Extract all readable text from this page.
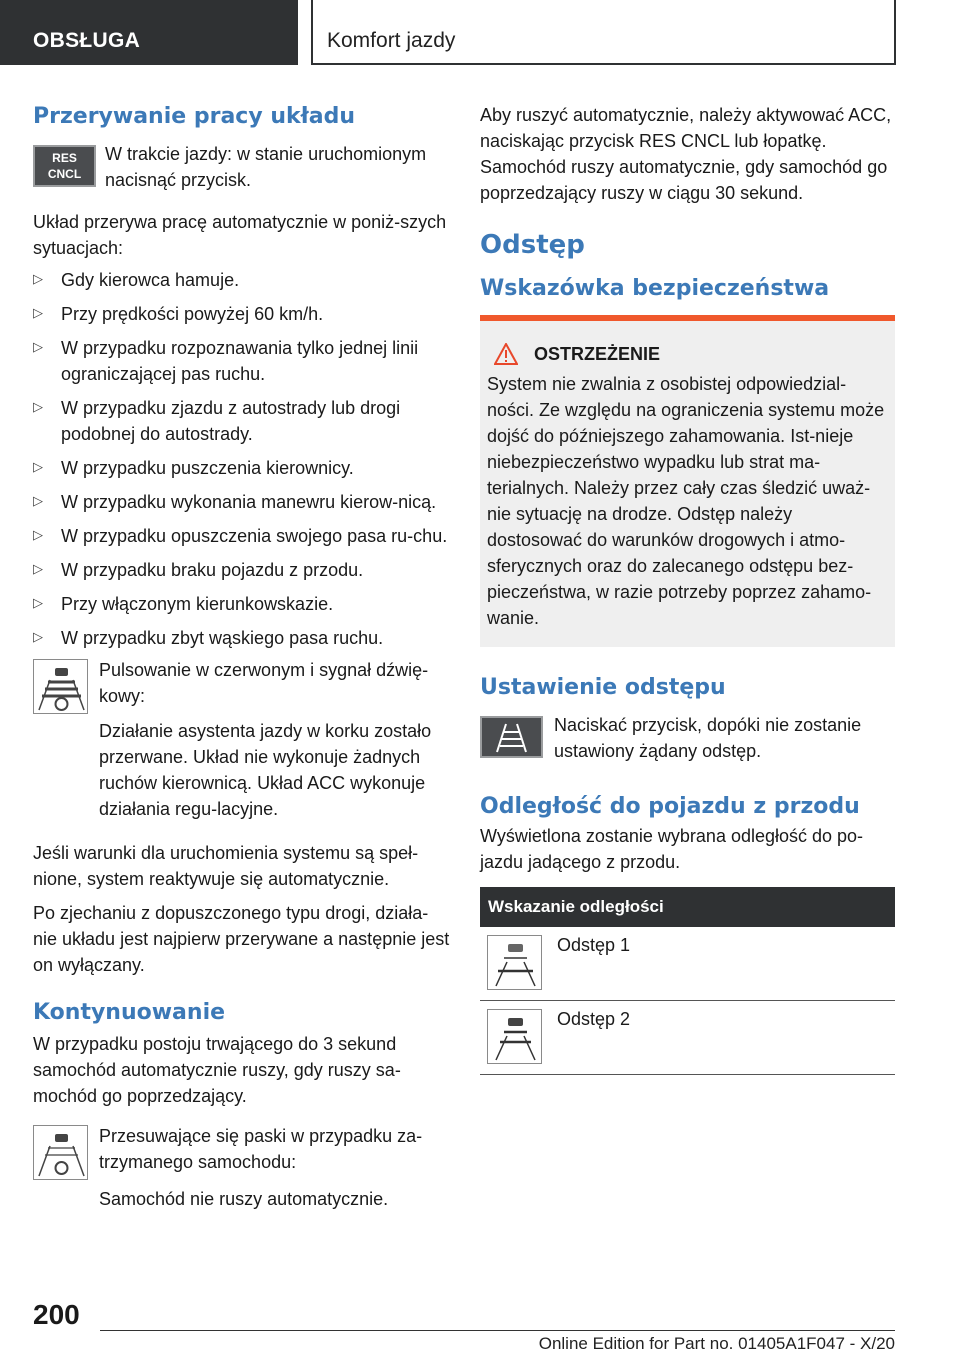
OBSŁUGA	Komfort jazdy
Przerywanie pracy układu
RES
CNCL

W trakcie jazdy: w stanie uruchomionym nacisnąć przycisk.

Układ przerywa pracę automatycznie w poniż-szych sytuacjach:

▷ Gdy kierowca hamuje.
▷ Przy prędkości powyżej 60 km/h.
▷ W przypadku rozpoznawania tylko jednej linii ograniczającej pas ruchu.
▷ W przypadku zjazdu z autostrady lub drogi podobnej do autostrady.
▷ W przypadku puszczenia kierownicy.
▷ W przypadku wykonania manewru kierow-nicą.
▷ W przypadku opuszczenia swojego pasa ru-chu.
▷ W przypadku braku pojazdu z przodu.
▷ Przy włączonym kierunkowskazie.
▷ W przypadku zbyt wąskiego pasa ruchu.

Pulsowanie w czerwonym i sygnał dźwię-kowy:

Działanie asystenta jazdy w korku zostało przerwane. Układ nie wykonuje żadnych ruchów kierownicą. Układ ACC wykonuje działania regu-lacyjne.

Jeśli warunki dla uruchomienia systemu są speł-nione, system reaktywuje się automatycznie.

Po zjechaniu z dopuszczonego typu drogi, działa-nie układu jest najpierw przerywane a następnie jest on wyłączany.

Kontynuowanie

W przypadku postoju trwającego do 3 sekund samochód automatycznie ruszy, gdy ruszy sa-mochód go poprzedzający.

Przesuwające się paski w przypadku za-trzymanego samochodu:

Samochód nie ruszy automatycznie.

Aby ruszyć automatycznie, należy aktywować ACC, naciskając przycisk RES CNCL lub łopatkę. Samochód ruszy automatycznie, gdy samochód go poprzedzający ruszy w ciągu 30 sekund.

Odstęp
Wskazówka bezpieczeństwa
OSTRZEŻENIE

System nie zwalnia z osobistej odpowiedzial-ności. Ze względu na ograniczenia systemu może dojść do późniejszego zahamowania. Ist-nieje niebezpieczeństwo wypadku lub strat ma-terialnych. Należy przez cały czas śledzić uważ-nie sytuację na drodze. Odstęp należy dostosować do warunków drogowych i atmo-sferycznych oraz do zalecanego odstępu bez-pieczeństwa, w razie potrzeby poprzez zahamo-wanie.

Ustawienie odstępu

Naciskać przycisk, dopóki nie zostanie ustawiony żądany odstęp.

Odległość do pojazdu z przodu

Wyświetlona zostanie wybrana odległość do po-jazdu jadącego z przodu.

Wskazanie odległości	

	Odstęp 1

	Odstęp 2
200
Online Edition for Part no. 01405A1F047 - X/20
